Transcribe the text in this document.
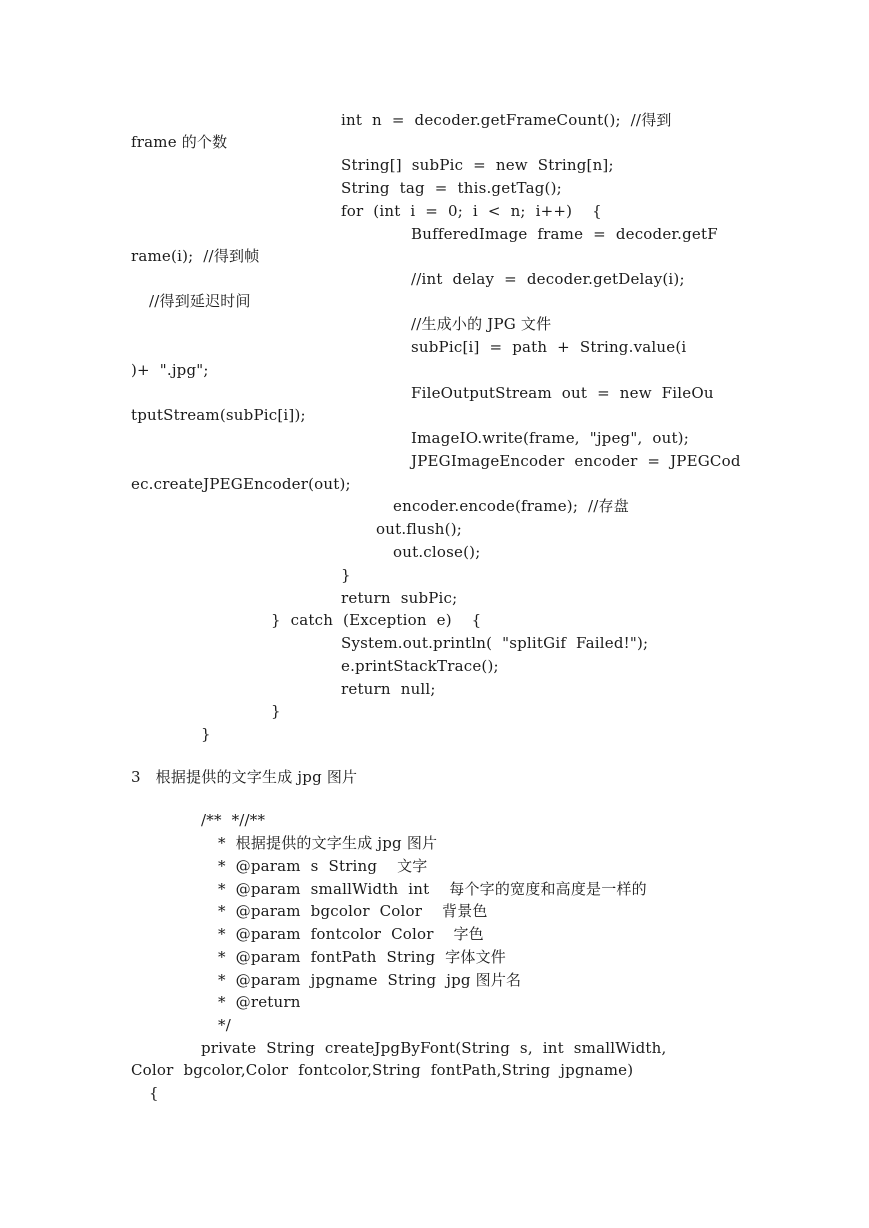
int  n  =  decoder.getFrameCount();  //得到
frame 的个数
String[]  subPic  =  new  String[n];
String  tag  =  this.getTag();
for  (int  i  =  0;  i  <  n;  i++)    {
BufferedImage  frame  =  decoder.getF
rame(i);  //得到帧
//int  delay  =  decoder.getDelay(i);
//得到延迟时间
//生成小的 JPG 文件
subPic[i]  =  path  +  String.value(i
)+  ".jpg";
FileOutputStream  out  =  new  FileOu
tputStream(subPic[i]);
ImageIO.write(frame,  "jpeg",  out);
JPEGImageEncoder  encoder  =  JPEGCod
ec.createJPEGEncoder(out);
encoder.encode(frame);  //存盘
out.flush();
out.close();
}
return  subPic;
}  catch  (Exception  e)    {
System.out.println(  "splitGif  Failed!");
e.printStackTrace();
return  null;
}
}
3   根据提供的文字生成 jpg 图片
/**  *//**
*  根据提供的文字生成 jpg 图片
*  @param  s  String    文字
*  @param  smallWidth  int    每个字的宽度和高度是一样的
*  @param  bgcolor  Color    背景色
*  @param  fontcolor  Color    字色
*  @param  fontPath  String  字体文件
*  @param  jpgname  String  jpg 图片名
*  @return
*/
private  String  createJpgByFont(String  s,  int  smallWidth,
Color  bgcolor,Color  fontcolor,String  fontPath,String  jpgname)
{
